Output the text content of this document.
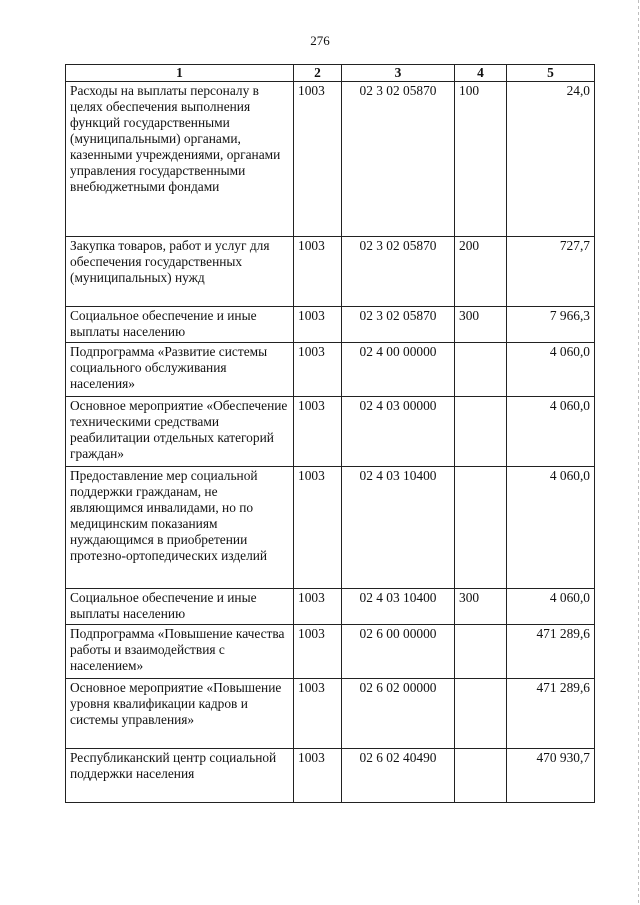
276
1	2	3	4	5
Расходы на выплаты персоналу в целях обеспечения выполнения функций государственными (муниципальными) органами, казенными учреждениями, органами управления государственными внебюджетными фондами	1003	02 3 02 05870	100	24,0
Закупка товаров, работ и услуг для обеспечения государственных (муниципальных) нужд	1003	02 3 02 05870	200	727,7
Социальное обеспечение и иные выплаты населению	1003	02 3 02 05870	300	7 966,3
Подпрограмма «Развитие системы социального обслуживания населения»	1003	02 4 00 00000		4 060,0
Основное мероприятие «Обеспечение техническими средствами реабилитации отдельных категорий граждан»	1003	02 4 03 00000		4 060,0
Предоставление мер социальной поддержки гражданам, не являющимся инвалидами, но по медицинским показаниям нуждающимся в приобретении протезно-ортопедических изделий	1003	02 4 03 10400		4 060,0
Социальное обеспечение и иные выплаты населению	1003	02 4 03 10400	300	4 060,0
Подпрограмма «Повышение качества работы и взаимодействия с населением»	1003	02 6 00 00000		471 289,6
Основное мероприятие «Повышение уровня квалификации кадров и системы управления»	1003	02 6 02 00000		471 289,6
Республиканский центр социальной поддержки населения	1003	02 6 02 40490		470 930,7
